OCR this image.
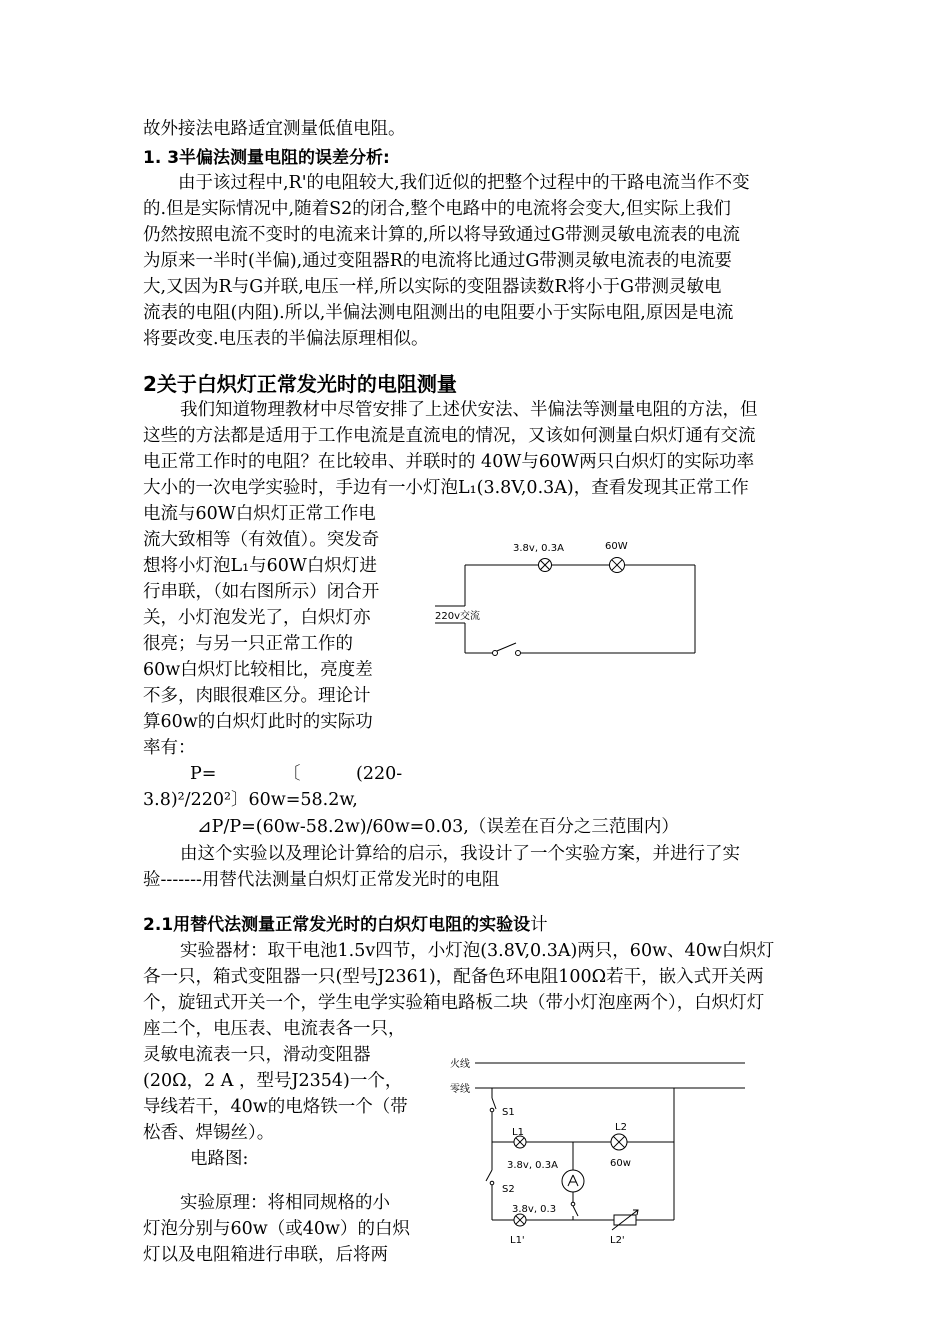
故外接法电路适宜测量低值电阻。
1. 3半偏法测量电阻的误差分析:
由于该过程中,R'的电阻较大,我们近似的把整个过程中的干路电流当作不变
的.但是实际情况中,随着S2的闭合,整个电路中的电流将会变大,但实际上我们
仍然按照电流不变时的电流来计算的,所以将导致通过G带测灵敏电流表的电流
为原来一半时(半偏),通过变阻器R的电流将比通过G带测灵敏电流表的电流要
大,又因为R与G并联,电压一样,所以实际的变阻器读数R将小于G带测灵敏电
流表的电阻(内阻).所以,半偏法测电阻测出的电阻要小于实际电阻,原因是电流
将要改变.电压表的半偏法原理相似。
2关于白炽灯正常发光时的电阻测量
我们知道物理教材中尽管安排了上述伏安法、半偏法等测量电阻的方法，但
这些的方法都是适用于工作电流是直流电的情况，又该如何测量白炽灯通有交流
电正常工作时的电阻？在比较串、并联时的 40W与60W两只白炽灯的实际功率
大小的一次电学实验时，手边有一小灯泡L₁(3.8V,0.3A)，查看发现其正常工作
电流与60W白炽灯正常工作电
流大致相等（有效值）。突发奇
想将小灯泡L₁与60W白炽灯进
行串联，（如右图所示）闭合开
关，小灯泡发光了，白炽灯亦
很亮；与另一只正常工作的
60w白炽灯比较相比，亮度差
不多，肉眼很难区分。理论计
算60w的白炽灯此时的实际功
率有：
P=	〔	(220-
3.8)²/220²〕60w=58.2w,
⊿P/P=(60w-58.2w)/60w=0.03,（误差在百分之三范围内）
由这个实验以及理论计算给的启示，我设计了一个实验方案，并进行了实
验-------用替代法测量白炽灯正常发光时的电阻
2.1用替代法测量正常发光时的白炽灯电阻的实验设计
实验器材：取干电池1.5v四节，小灯泡(3.8V,0.3A)两只，60w、40w白炽灯
各一只，箱式变阻器一只(型号J2361)，配备色环电阻100Ω若干，嵌入式开关两
个，旋钮式开关一个，学生电学实验箱电路板二块（带小灯泡座两个），白炽灯灯
座二个，电压表、电流表各一只，
灵敏电流表一只，滑动变阻器
(20Ω，2 A ，型号J2354)一个，
导线若干，40w的电烙铁一个（带
松香、焊锡丝）。
电路图:
实验原理：将相同规格的小
灯泡分别与60w（或40w）的白炽
灯以及电阻箱进行串联，后将两
3.8v, 0.3A	60W
220v交流
火线
零线
S1
S2
L1
3.8v, 0.3A
L2
60w
3.8v, 0.3
L1'	L2'
